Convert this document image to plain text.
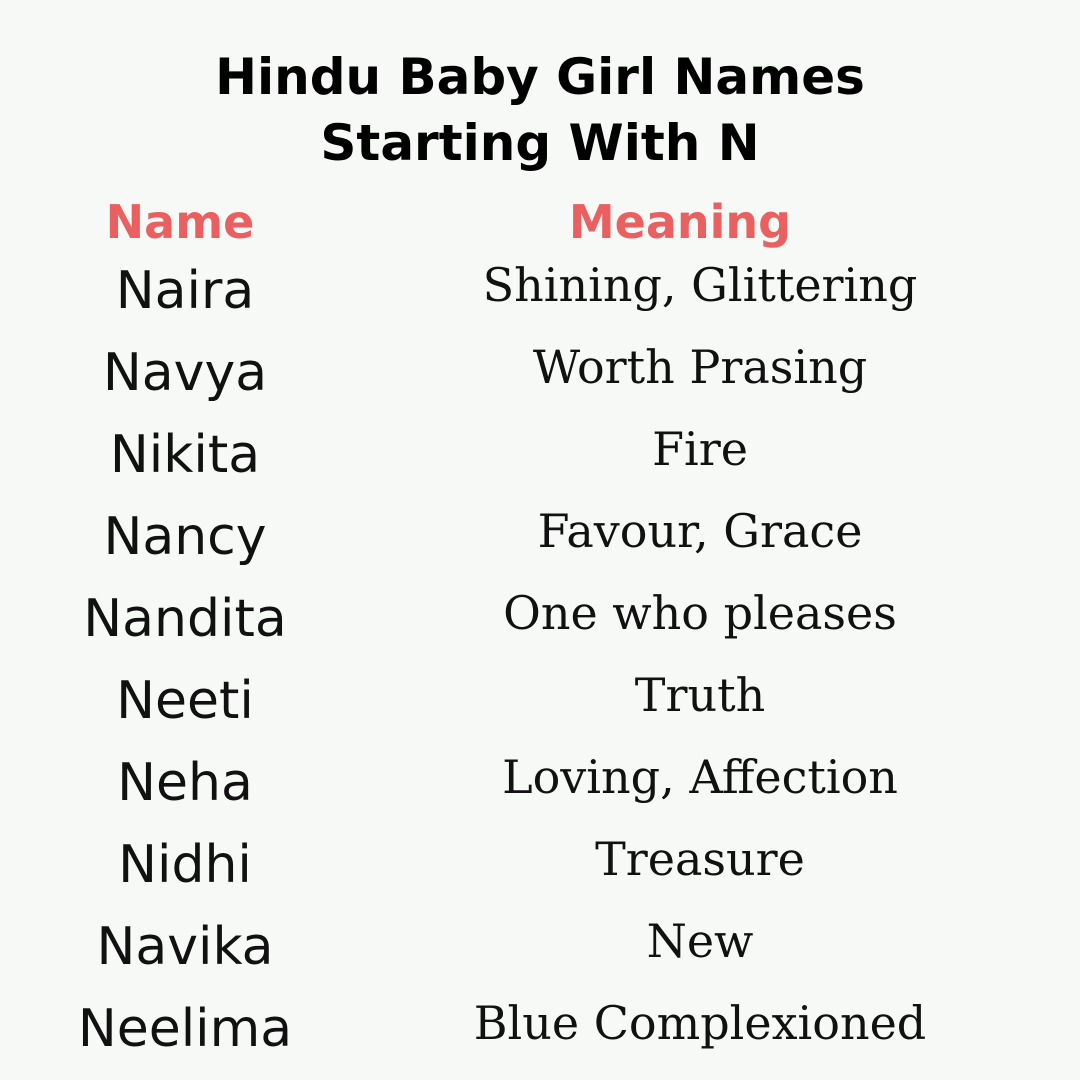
Hindu Baby Girl Names
Starting With N
Name	Meaning
Naira	Shining, Glittering
Navya	Worth Prasing
Nikita	Fire
Nancy	Favour, Grace
Nandita	One who pleases
Neeti	Truth
Neha	Loving, Affection
Nidhi	Treasure
Navika	New
Neelima	Blue Complexioned
